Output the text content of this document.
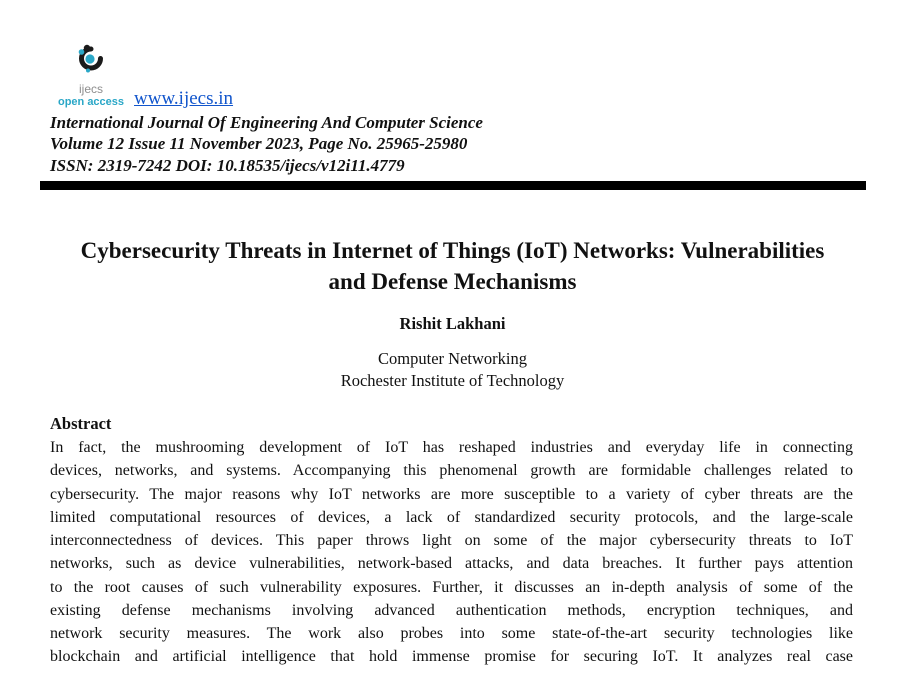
ijecs
open access www.ijecs.in
International Journal Of Engineering And Computer Science
Volume 12 Issue 11 November 2023, Page No. 25965-25980
ISSN: 2319-7242 DOI: 10.18535/ijecs/v12i11.4779
Cybersecurity Threats in Internet of Things (IoT) Networks: Vulnerabilities and Defense Mechanisms
Rishit Lakhani
Computer Networking
Rochester Institute of Technology
Abstract
In fact, the mushrooming development of IoT has reshaped industries and everyday life in connecting
devices, networks, and systems. Accompanying this phenomenal growth are formidable challenges related to
cybersecurity. The major reasons why IoT networks are more susceptible to a variety of cyber threats are the
limited computational resources of devices, a lack of standardized security protocols, and the large-scale
interconnectedness of devices. This paper throws light on some of the major cybersecurity threats to IoT
networks, such as device vulnerabilities, network-based attacks, and data breaches. It further pays attention
to the root causes of such vulnerability exposures. Further, it discusses an in-depth analysis of some of the
existing defense mechanisms involving advanced authentication methods, encryption techniques, and
network security measures. The work also probes into some state-of-the-art security technologies like
blockchain and artificial intelligence that hold immense promise for securing IoT. It analyzes real case
